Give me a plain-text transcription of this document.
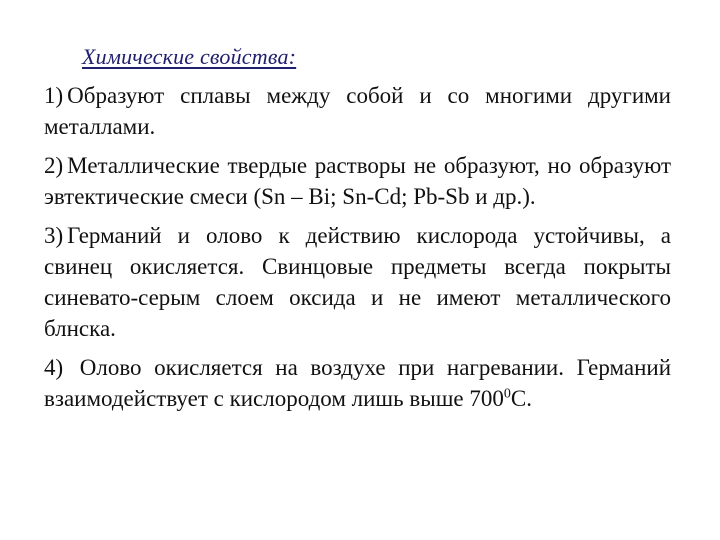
Химические свойства:

1) Образуют сплавы между собой и со многими другими металлами.

2) Металлические твердые растворы не образуют, но образуют эвтектические смеси (Sn – Bi; Sn-Cd; Pb-Sb и др.).

3) Германий и олово к действию кислорода устойчивы, а свинец окисляется. Свинцовые предметы всегда покрыты синевато-серым слоем оксида и не имеют металлического блнска.

4) Олово окисляется на воздухе при нагревании. Германий взаимодействует с кислородом лишь выше $700^0С$.
